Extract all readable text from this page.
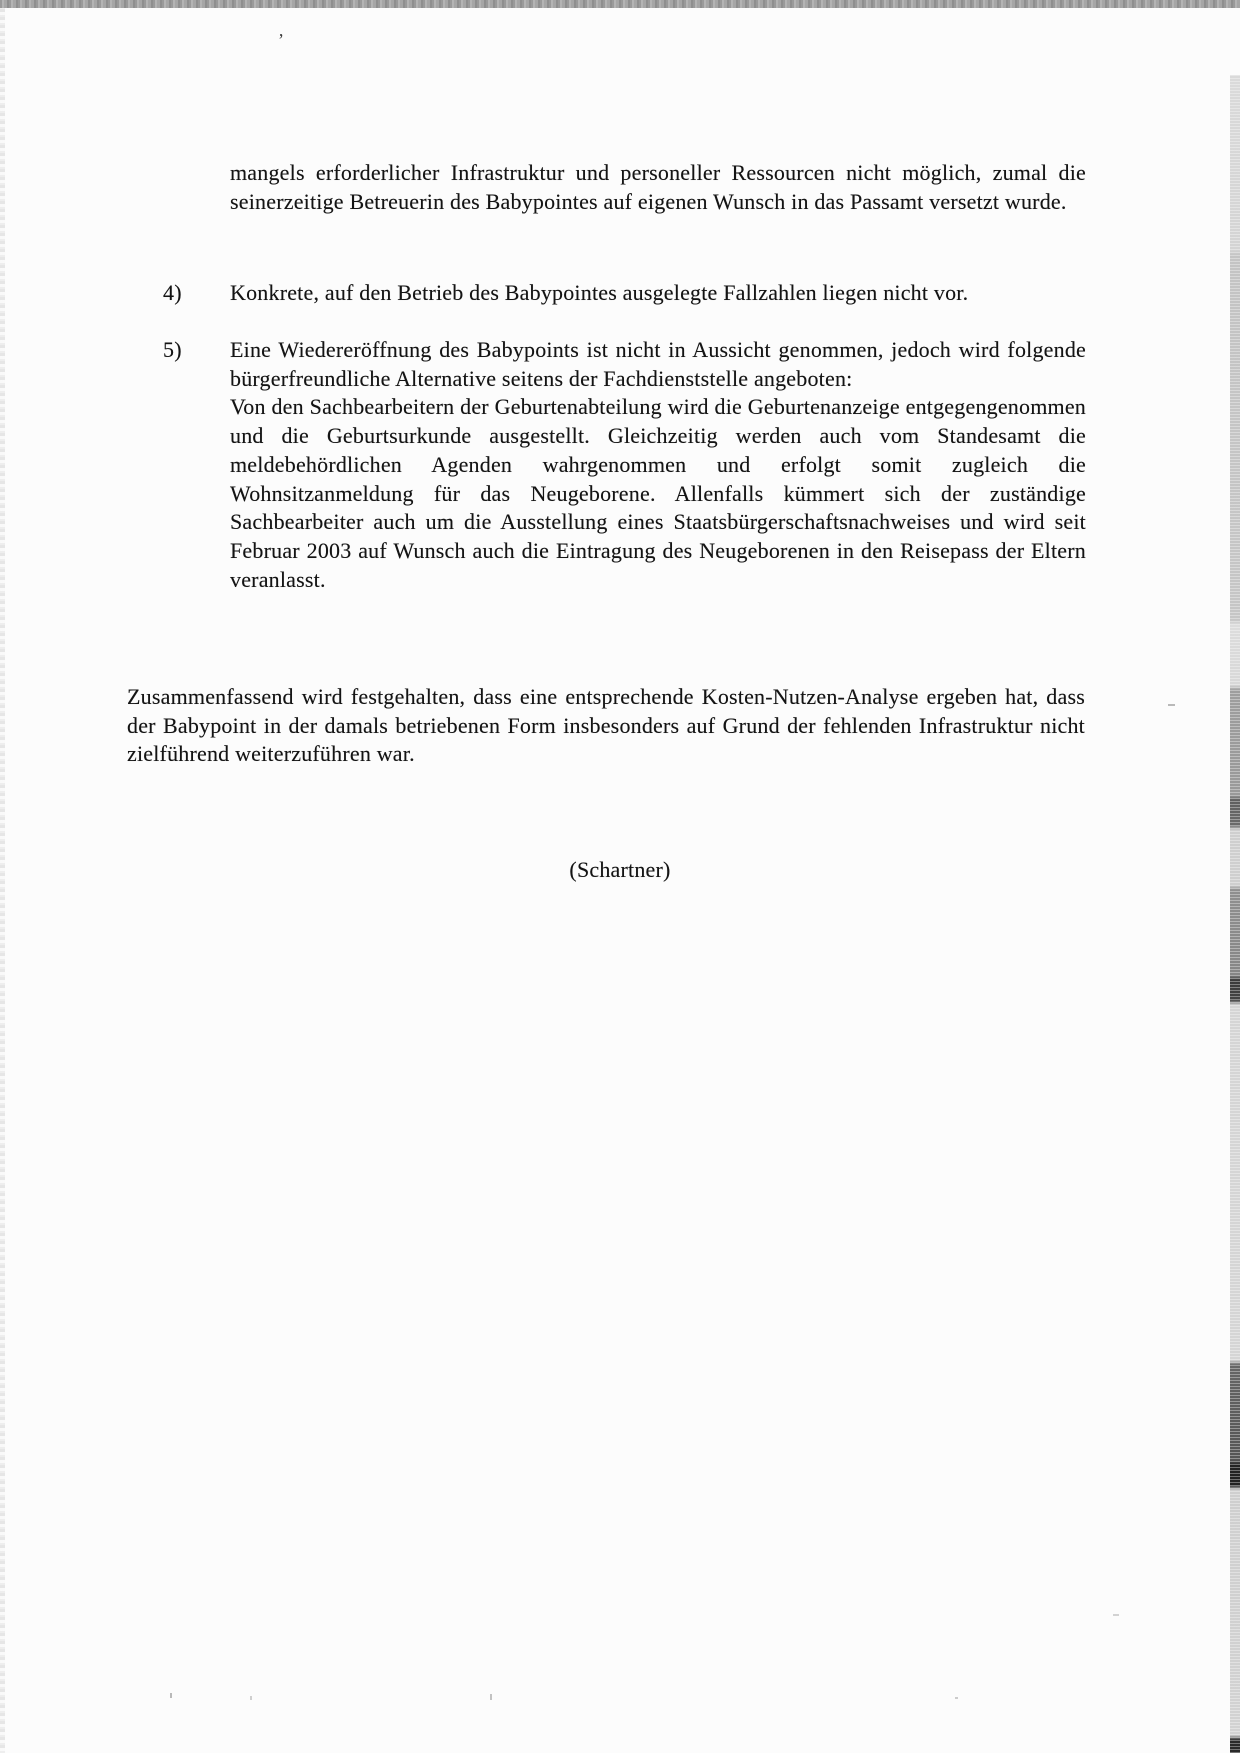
’

mangels erforderlicher Infrastruktur und personeller Ressourcen nicht möglich, zumal die seinerzeitige Betreuerin des Babypointes auf eigenen Wunsch in das Passamt versetzt wurde.

4)	Konkrete, auf den Betrieb des Babypointes ausgelegte Fallzahlen liegen nicht vor.

5)	Eine Wiedereröffnung des Babypoints ist nicht in Aussicht genommen, jedoch wird folgende bürgerfreundliche Alternative seitens der Fachdienststelle angeboten:

Von den Sachbearbeitern der Geburtenabteilung wird die Geburtenanzeige entgegengenommen und die Geburtsurkunde ausgestellt. Gleichzeitig werden auch vom Standesamt die meldebehördlichen Agenden wahrgenommen und erfolgt somit zugleich die Wohnsitzanmeldung für das Neugeborene. Allenfalls kümmert sich der zuständige Sachbearbeiter auch um die Ausstellung eines Staatsbürgerschaftsnachweises und wird seit Februar 2003 auf Wunsch auch die Eintragung des Neugeborenen in den Reisepass der Eltern veranlasst.

Zusammenfassend wird festgehalten, dass eine entsprechende Kosten-Nutzen-Analyse ergeben hat, dass der Babypoint in der damals betriebenen Form insbesonders auf Grund der fehlenden Infrastruktur nicht zielführend weiterzuführen war.

(Schartner)
